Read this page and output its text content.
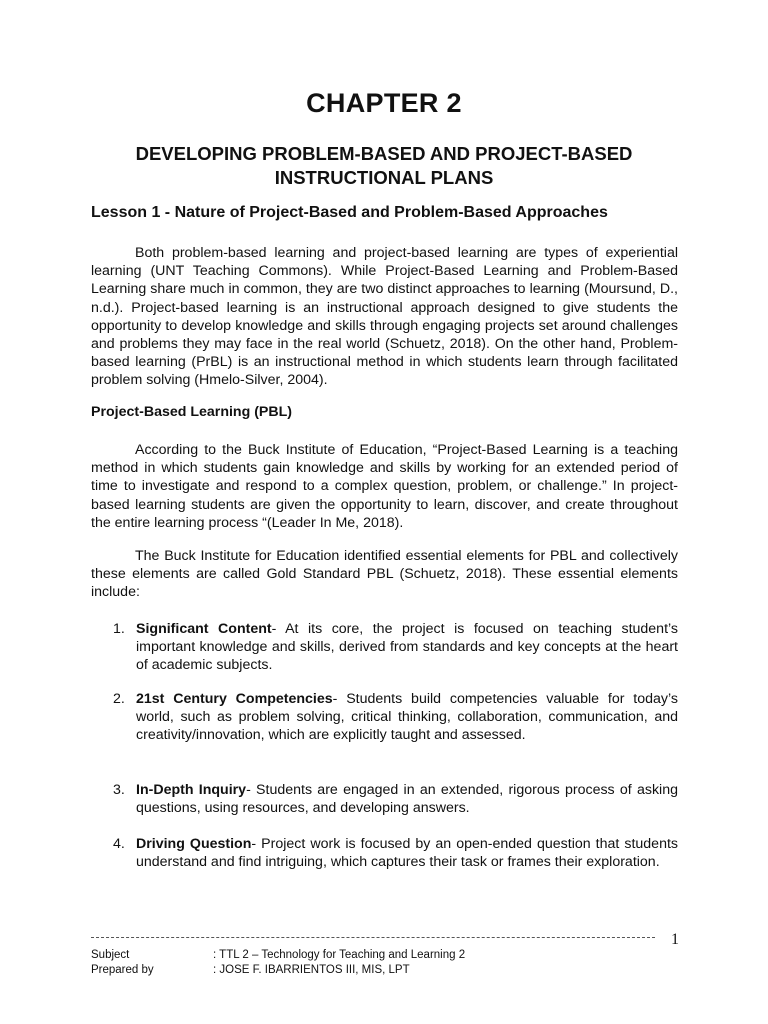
CHAPTER 2
DEVELOPING PROBLEM-BASED AND PROJECT-BASED
INSTRUCTIONAL PLANS
Lesson 1 - Nature of Project-Based and Problem-Based Approaches
Both problem-based learning and project-based learning are types of experiential learning (UNT Teaching Commons). While Project-Based Learning and Problem-Based Learning share much in common, they are two distinct approaches to learning (Moursund, D., n.d.). Project-based learning is an instructional approach designed to give students the opportunity to develop knowledge and skills through engaging projects set around challenges and problems they may face in the real world (Schuetz, 2018). On the other hand, Problem-based learning (PrBL) is an instructional method in which students learn through facilitated problem solving (Hmelo-Silver, 2004).
Project-Based Learning (PBL)
According to the Buck Institute of Education, “Project-Based Learning is a teaching method in which students gain knowledge and skills by working for an extended period of time to investigate and respond to a complex question, problem, or challenge.” In project-based learning students are given the opportunity to learn, discover, and create throughout the entire learning process “(Leader In Me, 2018).
The Buck Institute for Education identified essential elements for PBL and collectively these elements are called Gold Standard PBL (Schuetz, 2018). These essential elements include:
1. Significant Content- At its core, the project is focused on teaching student’s important knowledge and skills, derived from standards and key concepts at the heart of academic subjects.
2. 21st Century Competencies- Students build competencies valuable for today’s world, such as problem solving, critical thinking, collaboration, communication, and creativity/innovation, which are explicitly taught and assessed.
3. In-Depth Inquiry- Students are engaged in an extended, rigorous process of asking questions, using resources, and developing answers.
4. Driving Question- Project work is focused by an open-ended question that students understand and find intriguing, which captures their task or frames their exploration.
1
Subject	: TTL 2 – Technology for Teaching and Learning 2
Prepared by	: JOSE F. IBARRIENTOS III, MIS, LPT
